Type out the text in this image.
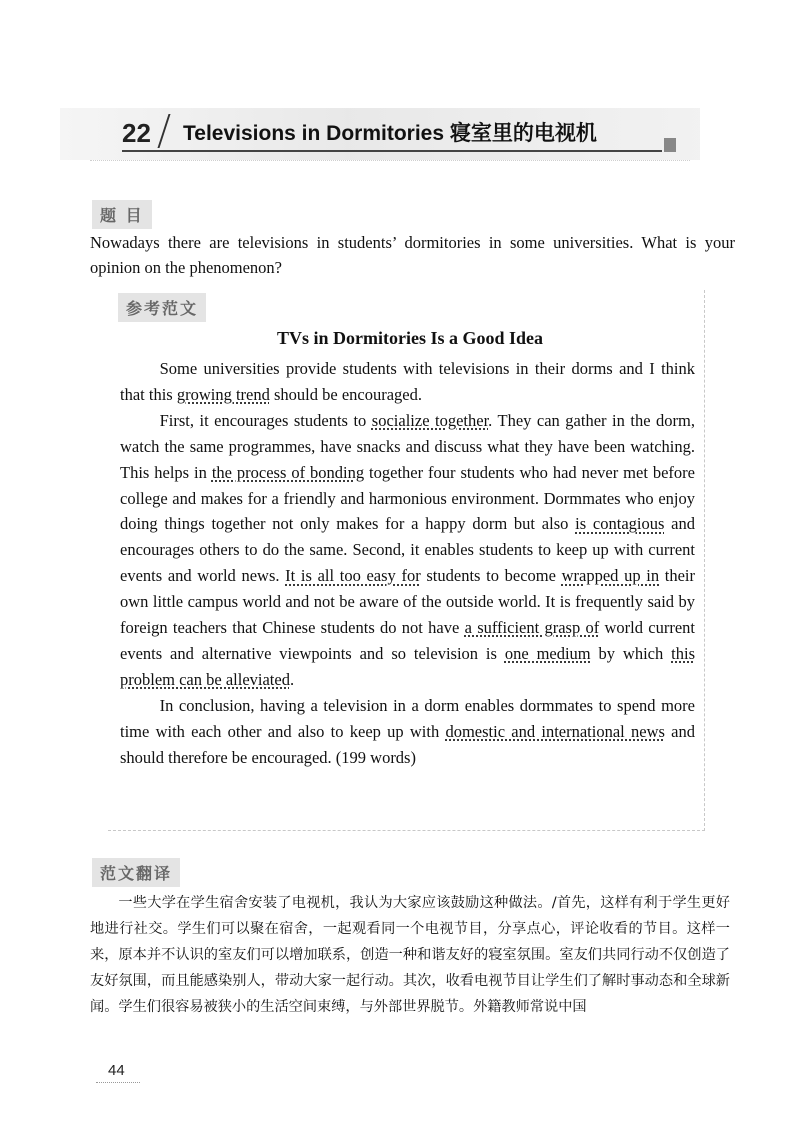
22 Televisions in Dormitories 寝室里的电视机
题 目
Nowadays there are televisions in students’ dormitories in some universities. What is your opinion on the phenomenon?
参考范文
TVs in Dormitories Is a Good Idea

Some universities provide students with televisions in their dorms and I think that this growing trend should be encouraged.

First, it encourages students to socialize together. They can gather in the dorm, watch the same programmes, have snacks and discuss what they have been watching. This helps in the process of bonding together four students who had never met before college and makes for a friendly and harmonious environment. Dormmates who enjoy doing things together not only makes for a happy dorm but also is contagious and encourages others to do the same. Second, it enables students to keep up with current events and world news. It is all too easy for students to become wrapped up in their own little campus world and not be aware of the outside world. It is frequently said by foreign teachers that Chinese students do not have a sufficient grasp of world current events and alternative viewpoints and so television is one medium by which this problem can be alleviated.

In conclusion, having a television in a dorm enables dormmates to spend more time with each other and also to keep up with domestic and international news and should therefore be encouraged. (199 words)

范文翻译

一些大学在学生宿舍安装了电视机，我认为大家应该鼓励这种做法。/首先，这样有利于学生更好地进行社交。学生们可以聚在宿舍，一起观看同一个电视节目，分享点心，评论收看的节目。这样一来，原本并不认识的室友们可以增加联系，创造一种和谐友好的寝室氛围。室友们共同行动不仅创造了友好氛围，而且能感染别人，带动大家一起行动。其次，收看电视节目让学生们了解时事动态和全球新闻。学生们很容易被狭小的生活空间束缚，与外部世界脱节。外籍教师常说中国

44
